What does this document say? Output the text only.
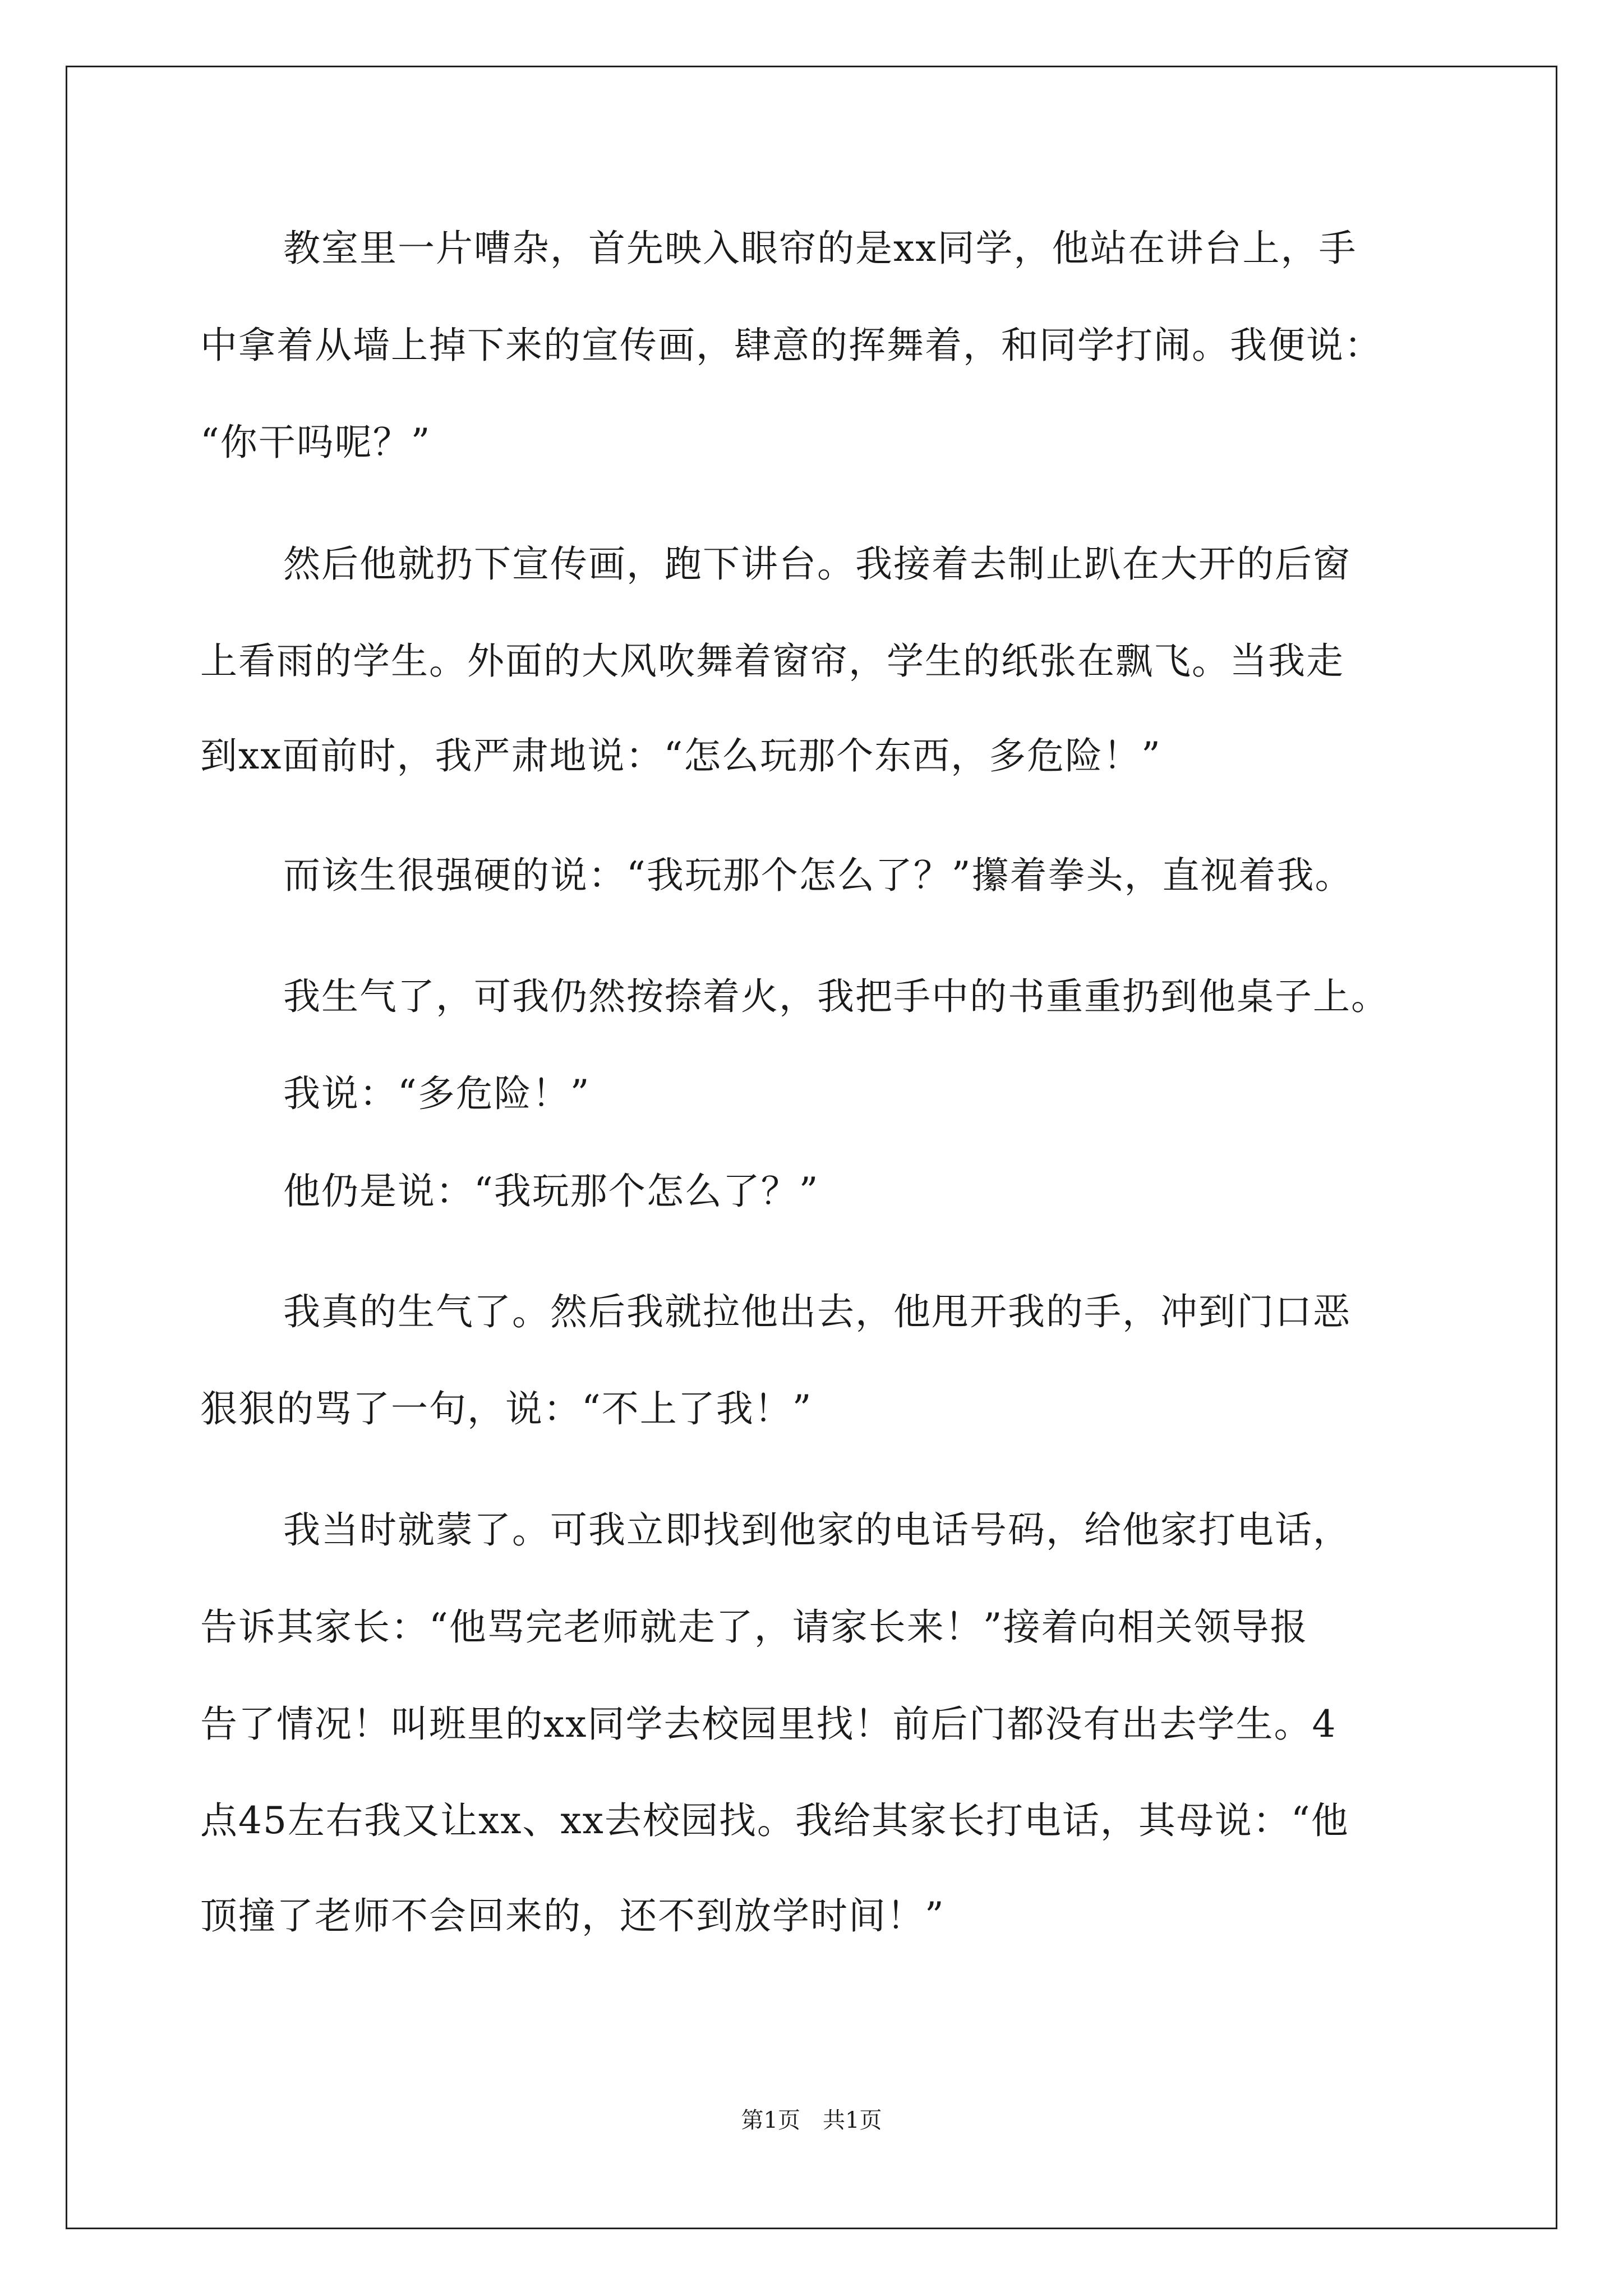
教室里一片嘈杂，首先映入眼帘的是xx同学，他站在讲台上，手
中拿着从墙上掉下来的宣传画，肆意的挥舞着，和同学打闹。我便说：
“你干吗呢？”
然后他就扔下宣传画，跑下讲台。我接着去制止趴在大开的后窗
上看雨的学生。外面的大风吹舞着窗帘，学生的纸张在飘飞。当我走
到xx面前时，我严肃地说：“怎么玩那个东西，多危险！”
而该生很强硬的说：“我玩那个怎么了？”攥着拳头，直视着我。
我生气了，可我仍然按捺着火，我把手中的书重重扔到他桌子上。
我说：“多危险！”
他仍是说：“我玩那个怎么了？”
我真的生气了。然后我就拉他出去，他甩开我的手，冲到门口恶
狠狠的骂了一句，说：“不上了我！”
我当时就蒙了。可我立即找到他家的电话号码，给他家打电话，
告诉其家长：“他骂完老师就走了，请家长来！”接着向相关领导报
告了情况！叫班里的xx同学去校园里找！前后门都没有出去学生。4
点45左右我又让xx、xx去校园找。我给其家长打电话，其母说：“他
顶撞了老师不会回来的，还不到放学时间！”
第1页　共1页
